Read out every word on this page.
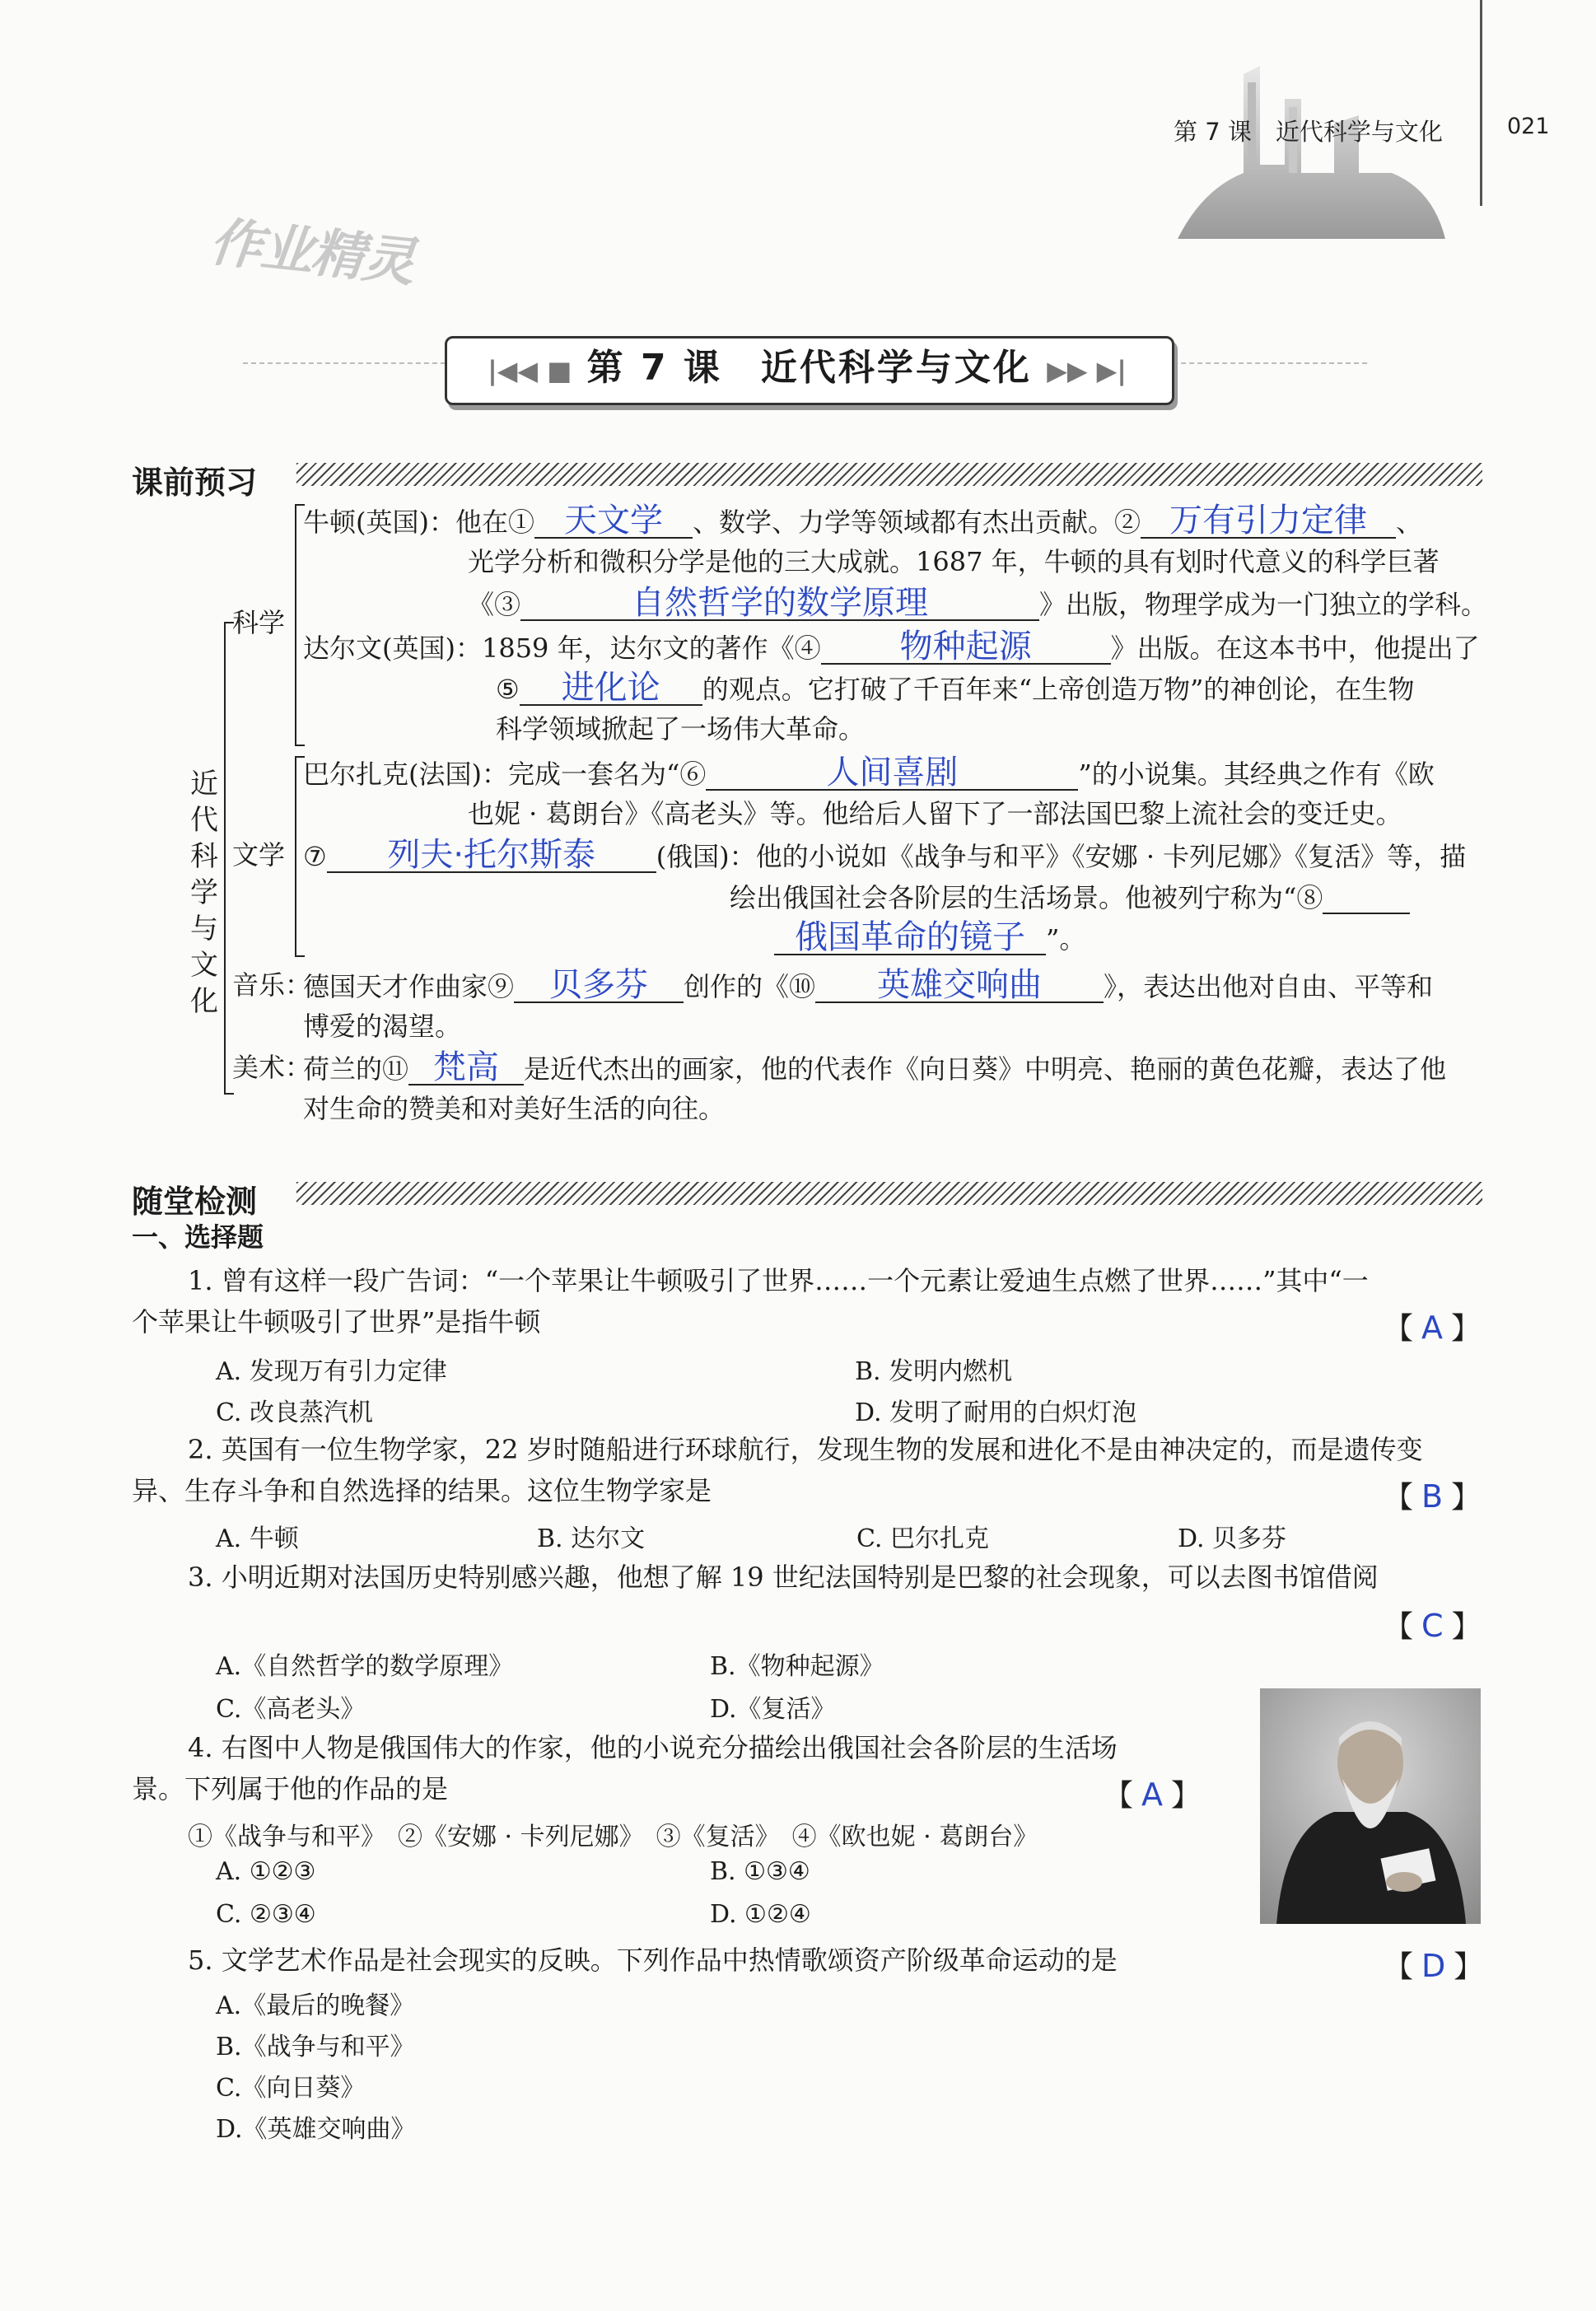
第 7 课　近代科学与文化	021
作业精灵
|◀◀ ■ 第 7 课　近代科学与文化 ▶▶ ▶|
课前预习
近代科学与文化
科学
文学
音乐：
美术：
牛顿(英国)：他在① 天文学 、数学、力学等领域都有杰出贡献。② 万有引力定律 、
光学分析和微积分学是他的三大成就。1687 年，牛顿的具有划时代意义的科学巨著
《③	自然哲学的数学原理	》出版，物理学成为一门独立的学科。
达尔文(英国)：1859 年，达尔文的著作《④ 物种起源	》出版。在这本书中，他提出了
⑤ 进化论 的观点。它打破了千百年来“上帝创造万物”的神创论，在生物
科学领域掀起了一场伟大革命。
巴尔扎克(法国)：完成一套名为“⑥	人间喜剧	”的小说集。其经典之作有《欧
也妮 · 葛朗台》《高老头》等。他给后人留下了一部法国巴黎上流社会的变迁史。
⑦ 列夫·托尔斯泰 (俄国)：他的小说如《战争与和平》《安娜 · 卡列尼娜》《复活》等，描
绘出俄国社会各阶层的生活场景。他被列宁称为“⑧
俄国革命的镜子 ”。
德国天才作曲家⑨ 贝多芬 创作的《⑩ 英雄交响曲 》，表达出他对自由、平等和
博爱的渴望。
荷兰的⑪ 梵高 是近代杰出的画家，他的代表作《向日葵》中明亮、艳丽的黄色花瓣，表达了他
对生命的赞美和对美好生活的向往。
随堂检测
一、选择题
1. 曾有这样一段广告词：“一个苹果让牛顿吸引了世界……一个元素让爱迪生点燃了世界……”其中“一
个苹果让牛顿吸引了世界”是指牛顿	【 A 】
A. 发现万有引力定律	B. 发明内燃机
C. 改良蒸汽机	D. 发明了耐用的白炽灯泡
2. 英国有一位生物学家，22 岁时随船进行环球航行，发现生物的发展和进化不是由神决定的，而是遗传变
异、生存斗争和自然选择的结果。这位生物学家是	【 B 】
A. 牛顿	B. 达尔文	C. 巴尔扎克	D. 贝多芬
3. 小明近期对法国历史特别感兴趣，他想了解 19 世纪法国特别是巴黎的社会现象，可以去图书馆借阅
【 C 】
A.《自然哲学的数学原理》	B.《物种起源》
C.《高老头》	D.《复活》
4. 右图中人物是俄国伟大的作家，他的小说充分描绘出俄国社会各阶层的生活场
景。下列属于他的作品的是	【 A 】
①《战争与和平》　②《安娜 · 卡列尼娜》　③《复活》　④《欧也妮 · 葛朗台》
A. ①②③	B. ①③④
C. ②③④	D. ①②④
5. 文学艺术作品是社会现实的反映。下列作品中热情歌颂资产阶级革命运动的是	【 D 】
A.《最后的晚餐》
B.《战争与和平》
C.《向日葵》
D.《英雄交响曲》
